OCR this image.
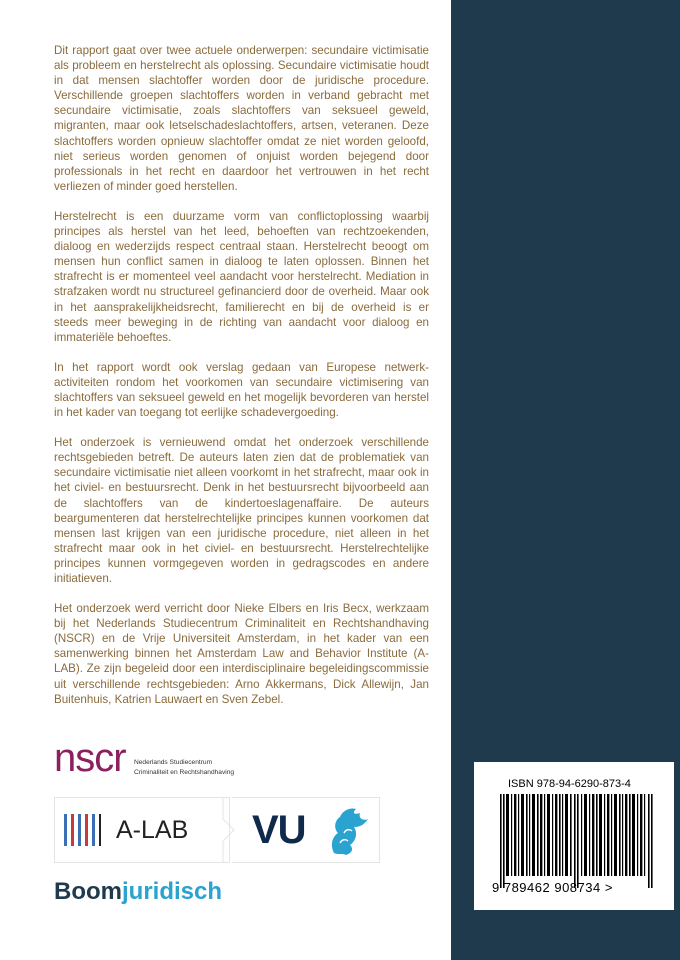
Dit rapport gaat over twee actuele onderwerpen: secundaire victimisatie als probleem en herstelrecht als oplossing. Secundaire victimisatie houdt in dat mensen slachtoffer worden door de juridische procedure. Verschillende groepen slachtoffers worden in verband gebracht met secundaire victimisatie, zoals slachtoffers van seksueel geweld, migranten, maar ook letselschadeslachtoffers, artsen, veteranen. Deze slachtoffers worden opnieuw slachtoffer omdat ze niet worden geloofd, niet serieus worden genomen of onjuist worden bejegend door professionals in het recht en daardoor het vertrouwen in het recht verliezen of minder goed herstellen.

Herstelrecht is een duurzame vorm van conflictoplossing waarbij principes als herstel van het leed, behoeften van rechtzoekenden, dialoog en wederzijds respect centraal staan. Herstelrecht beoogt om mensen hun conflict samen in dialoog te laten oplossen. Binnen het strafrecht is er momenteel veel aandacht voor herstelrecht. Mediation in strafzaken wordt nu structureel gefinancierd door de overheid. Maar ook in het aansprakelijkheidsrecht, familierecht en bij de overheid is er steeds meer beweging in de richting van aandacht voor dialoog en immateriële behoeftes.

In het rapport wordt ook verslag gedaan van Europese netwerkactiviteiten rondom het voorkomen van secundaire victimisering van slachtoffers van seksueel geweld en het mogelijk bevorderen van herstel in het kader van toegang tot eerlijke schadevergoeding.

Het onderzoek is vernieuwend omdat het onderzoek verschillende rechtsgebieden betreft. De auteurs laten zien dat de problematiek van secundaire victimisatie niet alleen voorkomt in het strafrecht, maar ook in het civiel- en bestuursrecht. Denk in het bestuursrecht bijvoorbeeld aan de slachtoffers van de kindertoeslagenaffaire. De auteurs beargumenteren dat herstelrechtelijke principes kunnen voorkomen dat mensen last krijgen van een juridische procedure, niet alleen in het strafrecht maar ook in het civiel- en bestuursrecht. Herstelrechtelijke principes kunnen vormgegeven worden in gedragscodes en andere initiatieven.

Het onderzoek werd verricht door Nieke Elbers en Iris Becx, werkzaam bij het Nederlands Studiecentrum Criminaliteit en Rechtshandhaving (NSCR) en de Vrije Universiteit Amsterdam, in het kader van een samenwerking binnen het Amsterdam Law and Behavior Institute (A-LAB). Ze zijn begeleid door een interdisciplinaire begeleidingscommissie uit verschillende rechtsgebieden: Arno Akkermans, Dick Allewijn, Jan Buitenhuis, Katrien Lauwaert en Sven Zebel.

nscr Nederlands Studiecentrum
Criminaliteit en Rechtshandhaving
A-LAB VU
Boomjuridisch
ISBN 978-94-6290-873-4
9 789462 908734 >
